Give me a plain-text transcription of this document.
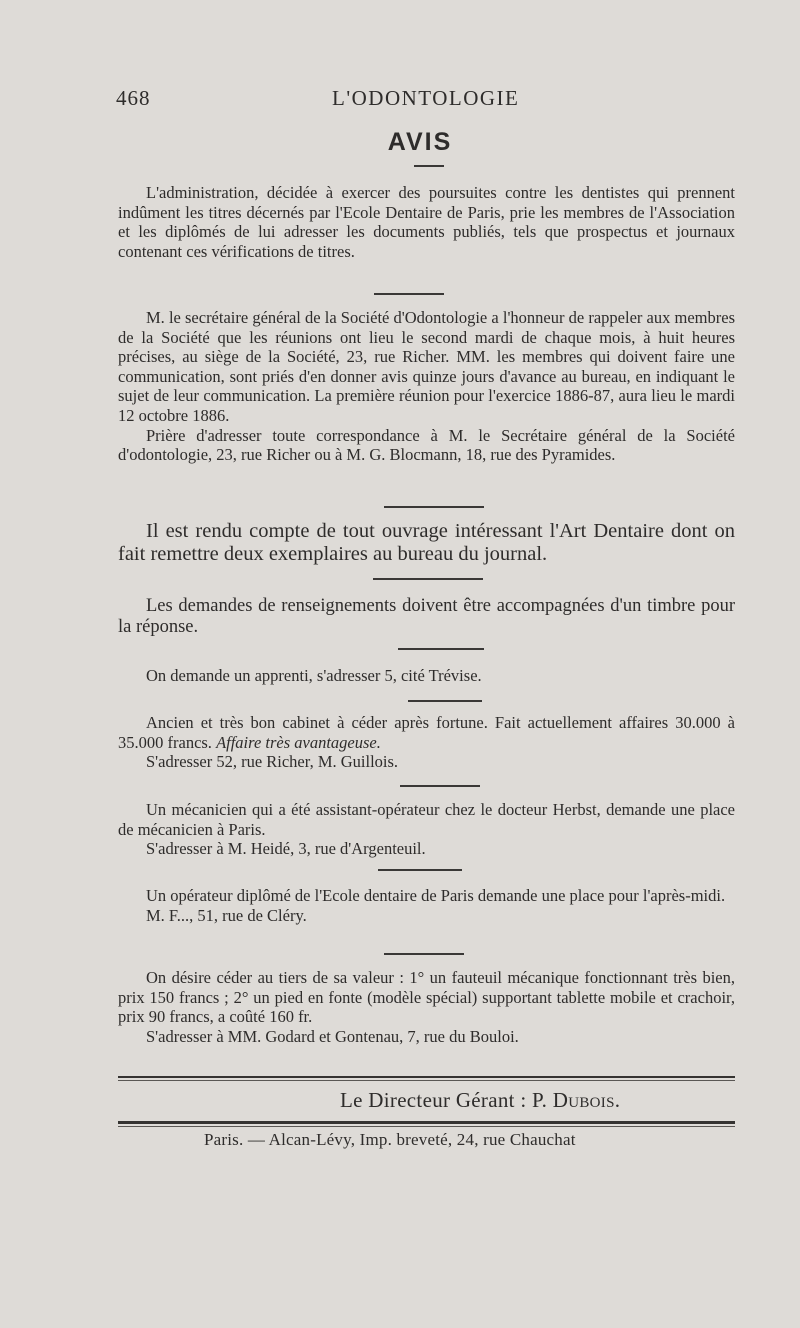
468	L'ODONTOLOGIE
AVIS

L'administration, décidée à exercer des poursuites contre les dentistes qui prennent indûment les titres décernés par l'Ecole Dentaire de Paris, prie les membres de l'Association et les diplômés de lui adresser les documents publiés, tels que prospectus et journaux contenant ces vérifications de titres.

M. le secrétaire général de la Société d'Odontologie a l'honneur de rappeler aux membres de la Société que les réunions ont lieu le second mardi de chaque mois, à huit heures précises, au siège de la Société, 23, rue Richer. MM. les membres qui doivent faire une communication, sont priés d'en donner avis quinze jours d'avance au bureau, en indiquant le sujet de leur communication. La première réunion pour l'exercice 1886-87, aura lieu le mardi 12 octobre 1886.

Prière d'adresser toute correspondance à M. le Secrétaire général de la Société d'odontologie, 23, rue Richer ou à M. G. Blocmann, 18, rue des Pyramides.

Il est rendu compte de tout ouvrage intéressant l'Art Dentaire dont on fait remettre deux exemplaires au bureau du journal.

Les demandes de renseignements doivent être accompagnées d'un timbre pour la réponse.

On demande un apprenti, s'adresser 5, cité Trévise.

Ancien et très bon cabinet à céder après fortune. Fait actuellement affaires 30.000 à 35.000 francs. Affaire très avantageuse.

S'adresser 52, rue Richer, M. Guillois.

Un mécanicien qui a été assistant-opérateur chez le docteur Herbst, demande une place de mécanicien à Paris.

S'adresser à M. Heidé, 3, rue d'Argenteuil.

Un opérateur diplômé de l'Ecole dentaire de Paris demande une place pour l'après-midi.

M. F..., 51, rue de Cléry.

On désire céder au tiers de sa valeur : 1° un fauteuil mécanique fonctionnant très bien, prix 150 francs ; 2° un pied en fonte (modèle spécial) supportant tablette mobile et crachoir, prix 90 francs, a coûté 160 fr.

S'adresser à MM. Godard et Gontenau, 7, rue du Bouloi.

Le Directeur Gérant : P. Dubois.
Paris. — Alcan-Lévy, Imp. breveté, 24, rue Chauchat
